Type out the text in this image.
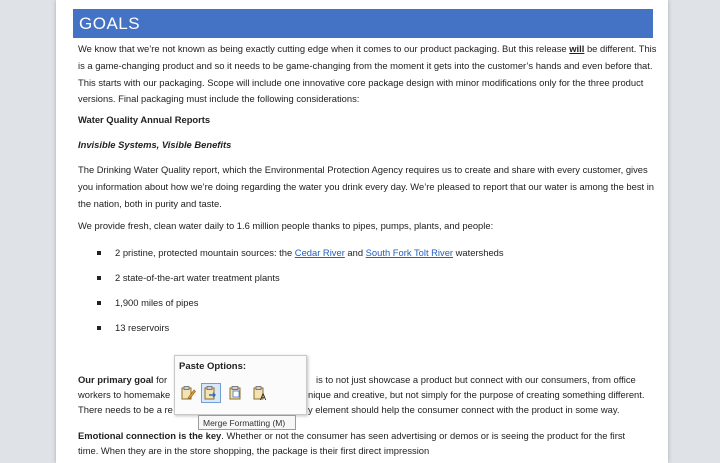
GOALS

We know that we’re not known as being exactly cutting edge when it comes to our product packaging. But this release will be different. This is a game-changing product and so it needs to be game-changing from the moment it gets into the customer’s hands and even before that. This starts with our packaging. Scope will include one innovative core package design with minor modifications only for the three product versions. Final packaging must include the following considerations:

Water Quality Annual Reports
Invisible Systems, Visible Benefits

The Drinking Water Quality report, which the Environmental Protection Agency requires us to create and share with every customer, gives you information about how we’re doing regarding the water you drink every day. We’re pleased to report that our water is among the best in the nation, both in purity and taste.

We provide fresh, clean water daily to 1.6 million people thanks to pipes, pumps, plants, and people:

2 pristine, protected mountain sources: the Cedar River and South Fork Tolt River watersheds
2 state-of-the-art water treatment plants
1,900 miles of pipes
13 reservoirs
Our primary goal for	is to not just showcase a product but connect with our consumers, from office
workers to homemake	nique and creative, but not simply for the purpose of creating something different.
There needs to be a re	y element should help the consumer connect with the product in some way.
Emotional connection is the key. Whether or not the consumer has seen advertising or demos or is seeing the product for the first
time. When they are in the store shopping, the package is their first direct impression
Paste Options:
A
Merge Formatting (M)
